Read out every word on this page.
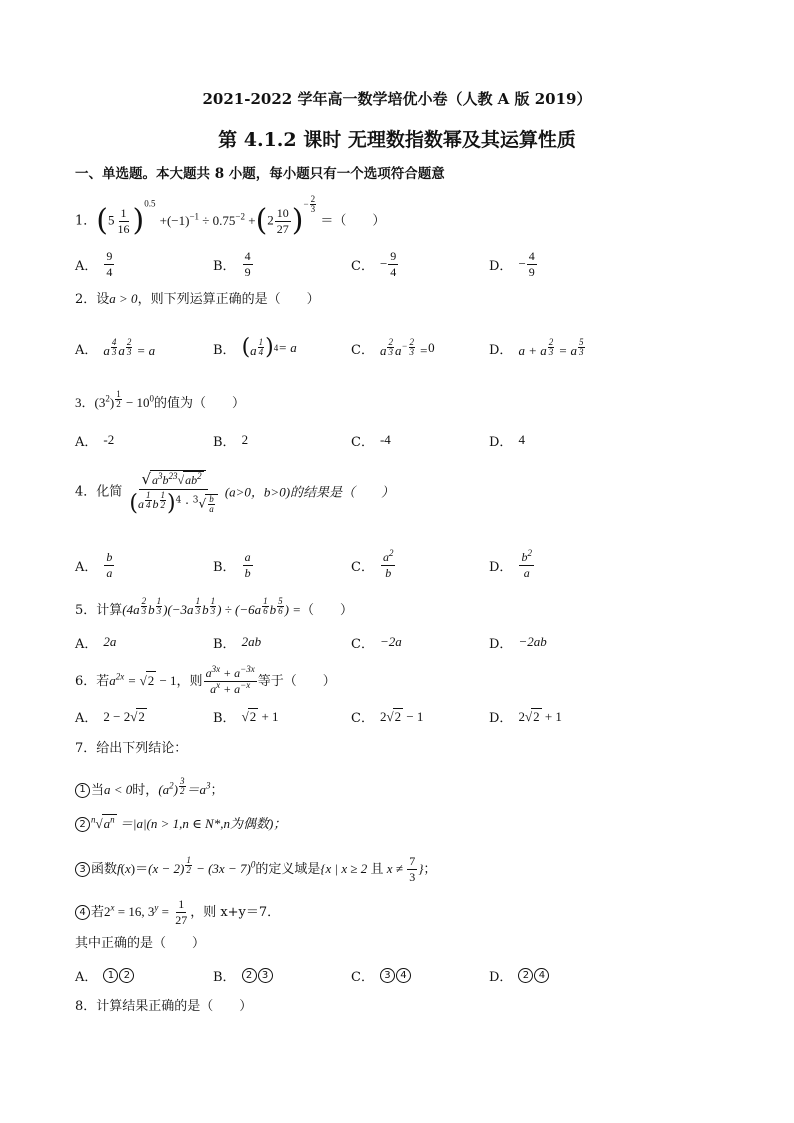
2021-2022 学年高一数学培优小卷（人教 A 版 2019）
第 4.1.2 课时 无理数指数幂及其运算性质
一、单选题。本大题共 8 小题，每小题只有一个选项符合题意
1．$(5 \frac{1}{16} )^{0.5} +(-1)^{-1} \div 0.75^{-2} +(2 \frac{10}{27} )^{- \frac{2}{3}}$
＝（　　）
A． $\frac{9}{4}$	B． $\frac{4}{9}$	C． − $\frac{9}{4}$	D． − $\frac{4}{9}$
2．设a > 0，则下列运算正确的是（　　）
A． a $^{\frac{4}{3}}$ a $^{\frac{2}{3}}$ = a	B． ( a $^{\frac{1}{4}}$ ) 4 = a	C． a $^{\frac{2}{3}}$ $a^{- \frac{2}{3}} = 0$	D． a + a $^{\frac{2}{3}}$ = a $^{\frac{5}{3}}$
3．$(3^2) ^{\frac{1}{2}} - 10^0$的值为（　　）
A． -2	B． 2	C． -4	D． 4
4．化简 $√a^3b^{23}√ab^2$
(a $^{\frac{1}{4}}$ b $^{\frac{1}{2}}$ )$^4 \cdot ^3√ \frac{b}{a} (a>0$，b>0)的结果是（　　）
A． $\frac{b}{a}$	B． $\frac{a}{b}$	C． $\frac{a^2}{b}$	D． $\frac{b^2}{a}$
5．计算(4a $^{\frac{2}{3}}$ b $^{\frac{1}{3}}$ )(−3a $^{\frac{1}{3}}$ b $^{\frac{1}{3}}$ ) ÷ (−6a $^{\frac{1}{6}}$ b $^{\frac{5}{6}}$ ) =（　　）
A． 2a	B． 2ab	C． −2a	D． −2ab
6．若$a^{2x} = √2 - 1$，则 $\frac{a^{3x} + a^{-3x}}{a^x + a^{-x}}$ 等于（　　）
A． 2 − 2√2	B． √2 + 1	C． 2√2 − 1	D． 2√2 + 1
7．给出下列结论：
1 当a < 0时，$(a^2)$ $^{\frac{3}{2}} =a^3$；
2 $^n√a^n =|a|(n > 1,n$ ∈ N*,n为偶数)；
3 函数f(x)＝(x − 2) $^{\frac{1}{2}} - (3x - 7)^0$的定义域是{x | x ≥ 2 且 $x \ne \frac{7}{3}$ }；
4 若$2^x = 16$, $3^y = \frac{1}{27}$ ，则 x+y＝7．
其中正确的是（　　）
A．	1 2	B．	2 3	C．	3 4	D．	2 4
8．计算结果正确的是（　　）
